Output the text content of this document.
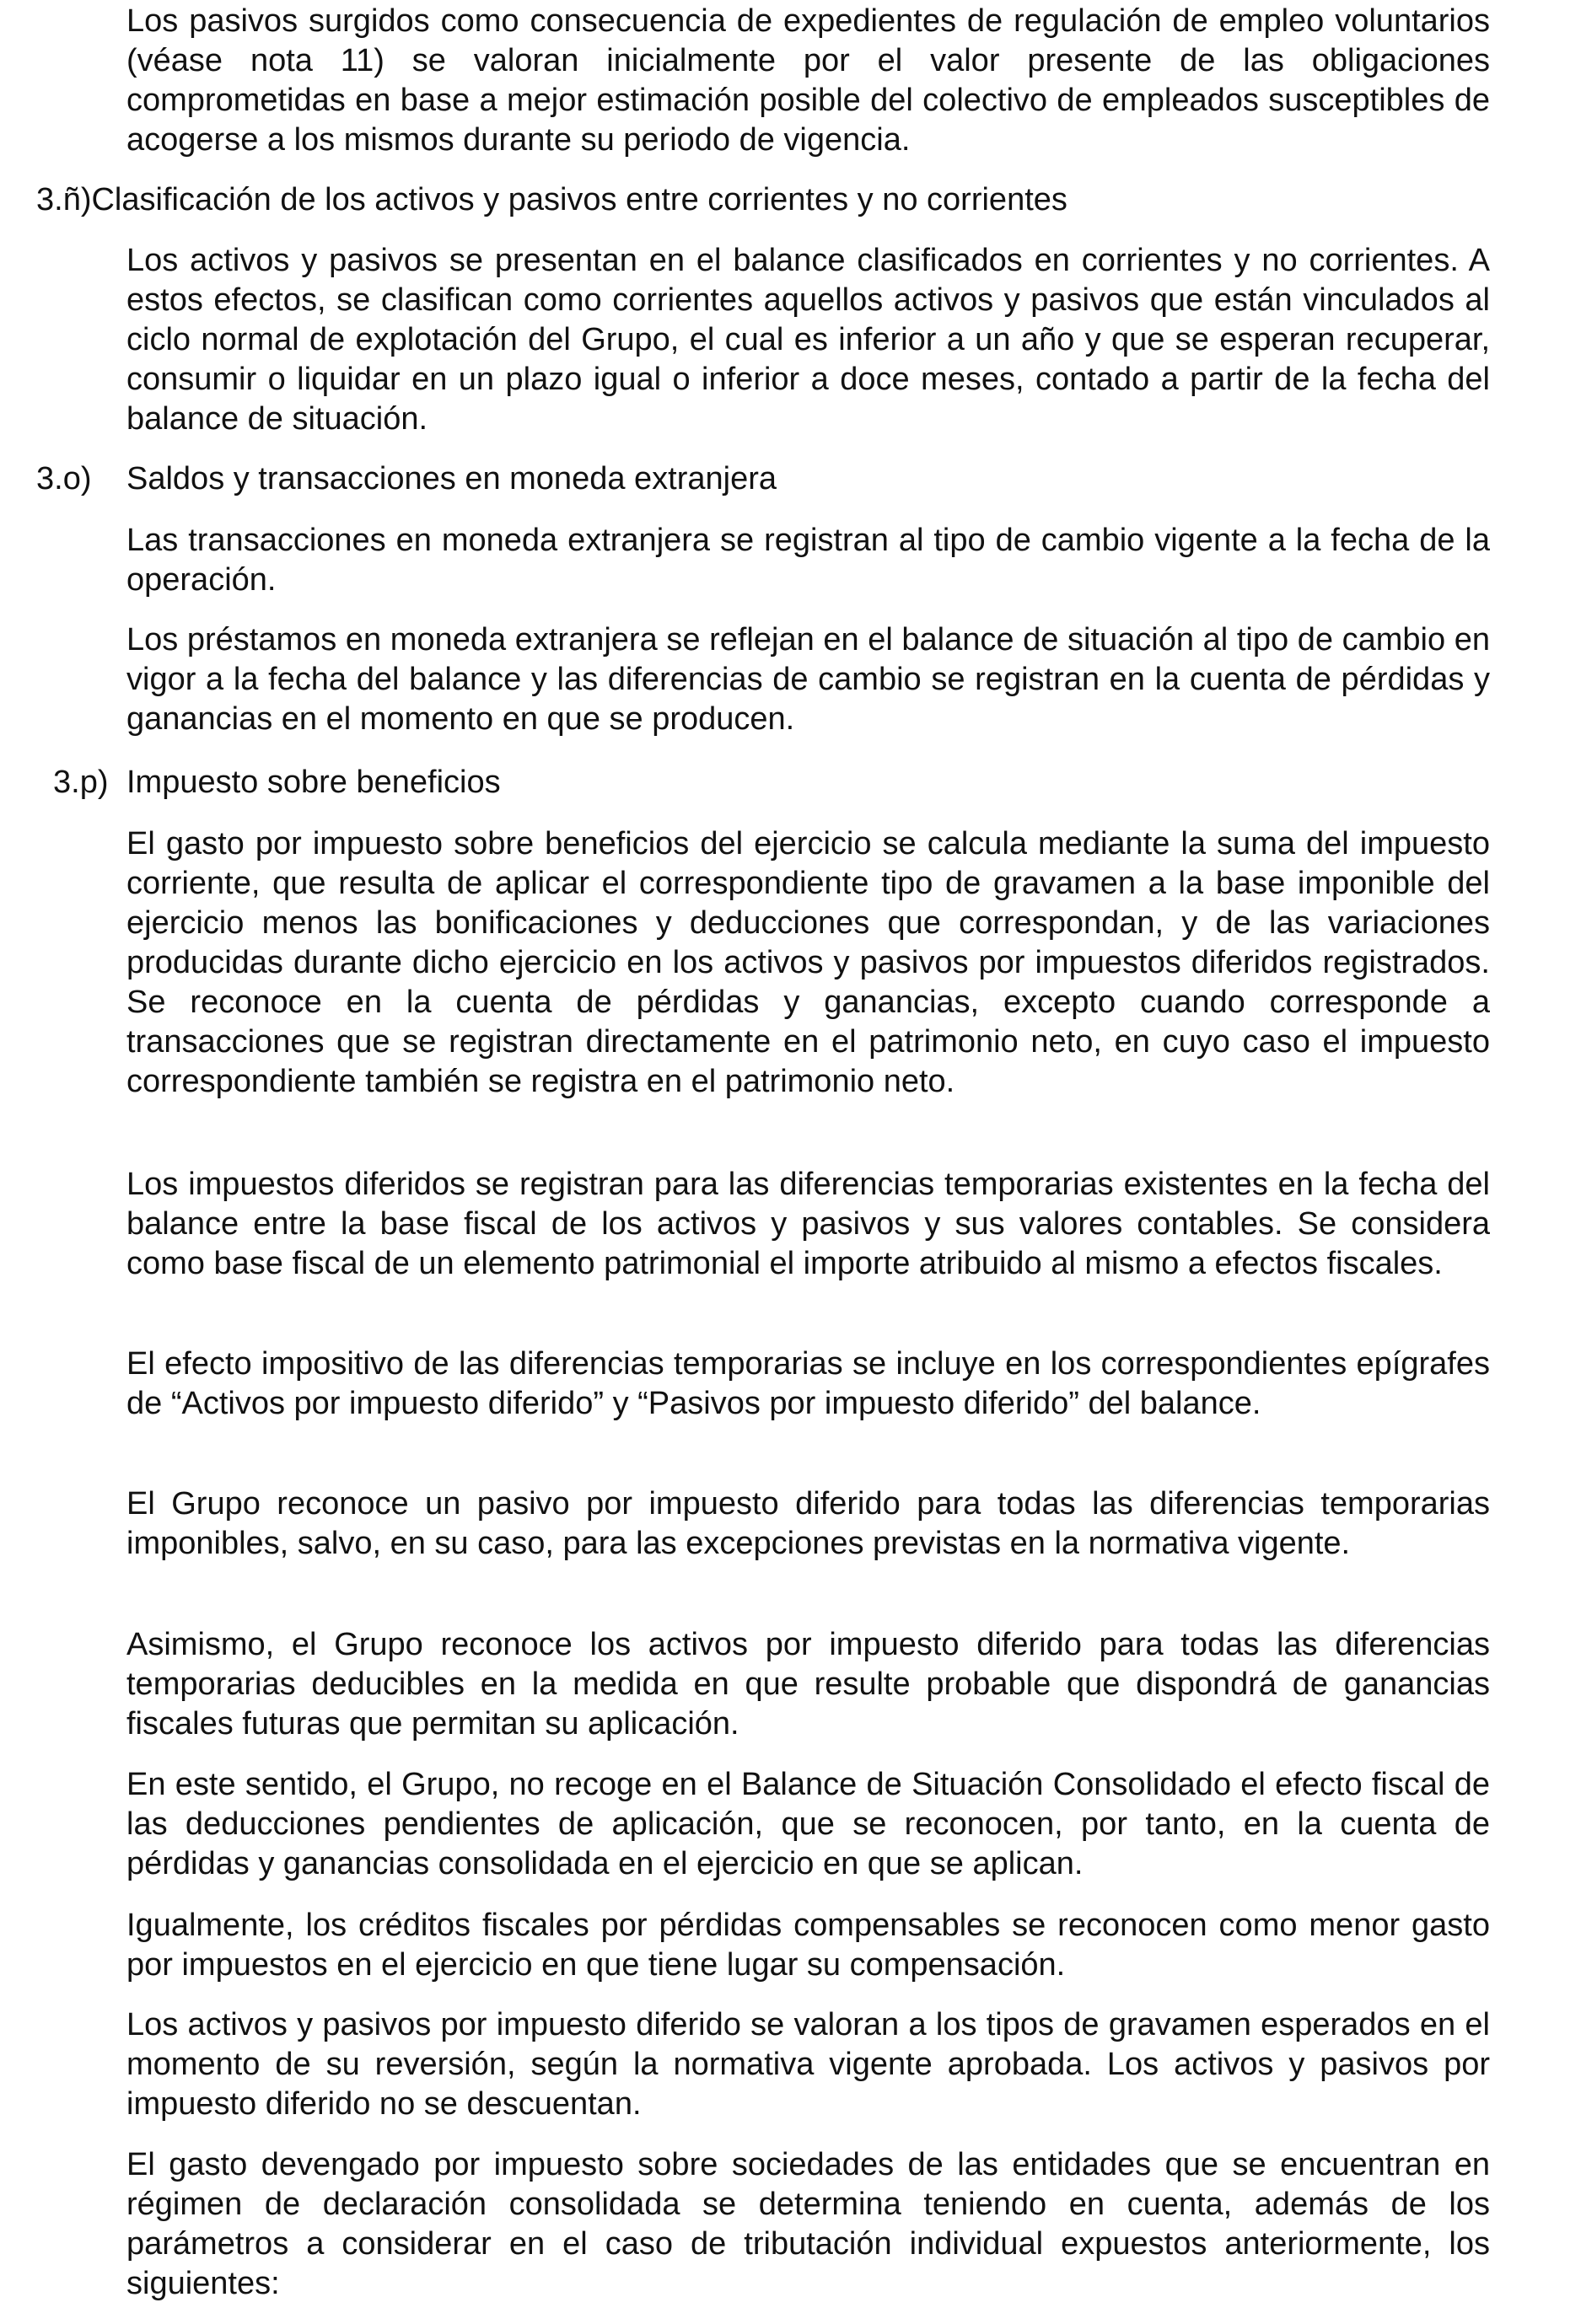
Los pasivos surgidos como consecuencia de expedientes de regulación de empleo voluntarios (véase nota 11) se valoran inicialmente por el valor presente de las obligaciones comprometidas en base a mejor estimación posible del colectivo de empleados susceptibles de acogerse a los mismos durante su periodo de vigencia.

3.ñ)Clasificación de los activos y pasivos entre corrientes y no corrientes

Los activos y pasivos se presentan en el balance clasificados en corrientes y no corrientes. A estos efectos, se clasifican como corrientes aquellos activos y pasivos que están vinculados al ciclo normal de explotación del Grupo, el cual es inferior a un año y que se esperan recuperar, consumir o liquidar en un plazo igual o inferior a doce meses, contado a partir de la fecha del balance de situación.

3.o) Saldos y transacciones en moneda extranjera

Las transacciones en moneda extranjera se registran al tipo de cambio vigente a la fecha de la operación.

Los préstamos en moneda extranjera se reflejan en el balance de situación al tipo de cambio en vigor a la fecha del balance y las diferencias de cambio se registran en la cuenta de pérdidas y ganancias en el momento en que se producen.

3.p) Impuesto sobre beneficios

El gasto por impuesto sobre beneficios del ejercicio se calcula mediante la suma del impuesto corriente, que resulta de aplicar el correspondiente tipo de gravamen a la base imponible del ejercicio menos las bonificaciones y deducciones que correspondan, y de las variaciones producidas durante dicho ejercicio en los activos y pasivos por impuestos diferidos registrados. Se reconoce en la cuenta de pérdidas y ganancias, excepto cuando corresponde a transacciones que se registran directamente en el patrimonio neto, en cuyo caso el impuesto correspondiente también se registra en el patrimonio neto.

Los impuestos diferidos se registran para las diferencias temporarias existentes en la fecha del balance entre la base fiscal de los activos y pasivos y sus valores contables. Se considera como base fiscal de un elemento patrimonial el importe atribuido al mismo a efectos fiscales.

El efecto impositivo de las diferencias temporarias se incluye en los correspondientes epígrafes de “Activos por impuesto diferido” y “Pasivos por impuesto diferido” del balance.

El Grupo reconoce un pasivo por impuesto diferido para todas las diferencias temporarias imponibles, salvo, en su caso, para las excepciones previstas en la normativa vigente.

Asimismo, el Grupo reconoce los activos por impuesto diferido para todas las diferencias temporarias deducibles en la medida en que resulte probable que dispondrá de ganancias fiscales futuras que permitan su aplicación.

En este sentido, el Grupo, no recoge en el Balance de Situación Consolidado el efecto fiscal de las deducciones pendientes de aplicación, que se reconocen, por tanto, en la cuenta de pérdidas y ganancias consolidada en el ejercicio en que se aplican.

Igualmente, los créditos fiscales por pérdidas compensables se reconocen como menor gasto por impuestos en el ejercicio en que tiene lugar su compensación.

Los activos y pasivos por impuesto diferido se valoran a los tipos de gravamen esperados en el momento de su reversión, según la normativa vigente aprobada. Los activos y pasivos por impuesto diferido no se descuentan.

El gasto devengado por impuesto sobre sociedades de las entidades que se encuentran en régimen de declaración consolidada se determina teniendo en cuenta, además de los parámetros a considerar en el caso de tributación individual expuestos anteriormente, los siguientes:
